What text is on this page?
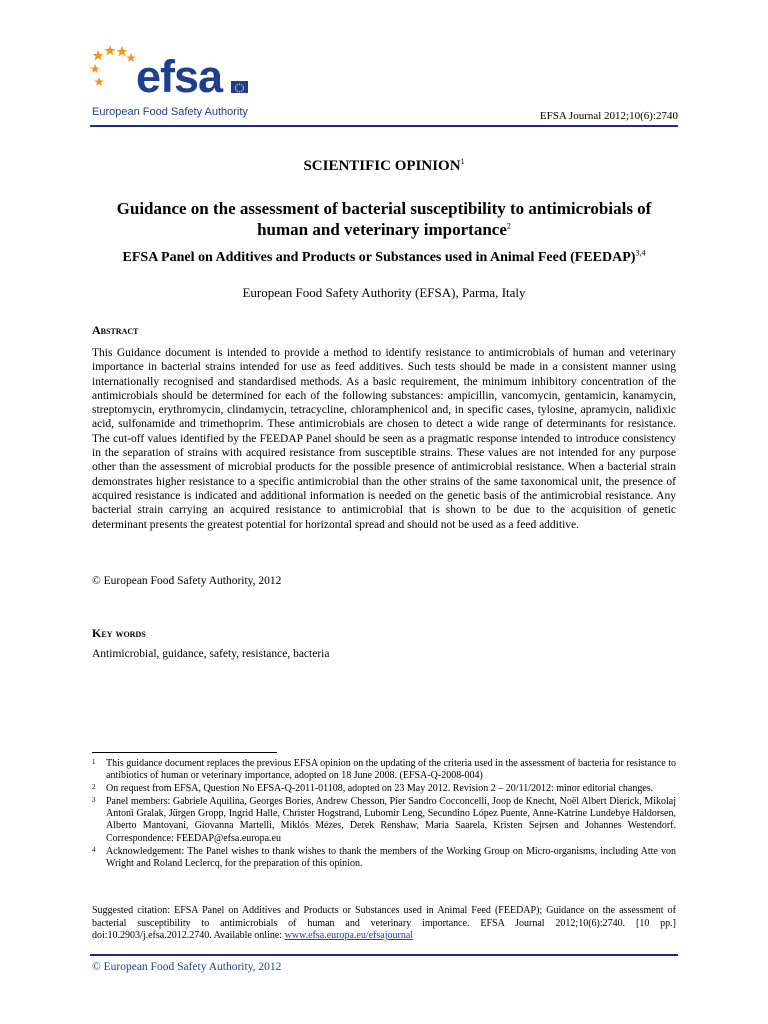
efsa
European Food Safety Authority	EFSA Journal 2012;10(6):2740
SCIENTIFIC OPINION$^1$
Guidance on the assessment of bacterial susceptibility to antimicrobials of human and veterinary importance$^2$
EFSA Panel on Additives and Products or Substances used in Animal Feed (FEEDAP)$^{3,4}$
European Food Safety Authority (EFSA), Parma, Italy
Abstract
This Guidance document is intended to provide a method to identify resistance to antimicrobials of human and veterinary importance in bacterial strains intended for use as feed additives. Such tests should be made in a consistent manner using internationally recognised and standardised methods. As a basic requirement, the minimum inhibitory concentration of the antimicrobials should be determined for each of the following substances: ampicillin, vancomycin, gentamicin, kanamycin, streptomycin, erythromycin, clindamycin, tetracycline, chloramphenicol and, in specific cases, tylosine, apramycin, nalidixic acid, sulfonamide and trimethoprim. These antimicrobials are chosen to detect a wide range of determinants for resistance. The cut-off values identified by the FEEDAP Panel should be seen as a pragmatic response intended to introduce consistency in the separation of strains with acquired resistance from susceptible strains. These values are not intended for any purpose other than the assessment of microbial products for the possible presence of antimicrobial resistance. When a bacterial strain demonstrates higher resistance to a specific antimicrobial than the other strains of the same taxonomical unit, the presence of acquired resistance is indicated and additional information is needed on the genetic basis of the antimicrobial resistance. Any bacterial strain carrying an acquired resistance to antimicrobial that is shown to be due to the acquisition of genetic determinant presents the greatest potential for horizontal spread and should not be used as a feed additive.
© European Food Safety Authority, 2012
Key words
Antimicrobial, guidance, safety, resistance, bacteria
1 This guidance document replaces the previous EFSA opinion on the updating of the criteria used in the assessment of bacteria for resistance to antibiotics of human or veterinary importance, adopted on 18 June 2008. (EFSA-Q-2008-004)
2 On request from EFSA, Question No EFSA-Q-2011-01108, adopted on 23 May 2012. Revision 2 – 20/11/2012: minor editorial changes.
3 Panel members: Gabriele Aquilina, Georges Bories, Andrew Chesson, Pier Sandro Cocconcelli, Joop de Knecht, Noël Albert Dierick, Mikolaj Antoni Gralak, Jürgen Gropp, Ingrid Halle, Christer Hogstrand, Lubomir Leng, Secundino López Puente, Anne-Katrine Lundebye Haldorsen, Alberto Mantovani, Giovanna Martelli, Miklós Mézes, Derek Renshaw, Maria Saarela, Kristen Sejrsen and Johannes Westendorf. Correspondence: FEEDAP@efsa.europa.eu
4 Acknowledgement: The Panel wishes to thank wishes to thank the members of the Working Group on Micro-organisms, including Atte von Wright and Roland Leclercq, for the preparation of this opinion.
Suggested citation: EFSA Panel on Additives and Products or Substances used in Animal Feed (FEEDAP); Guidance on the assessment of bacterial susceptibility to antimicrobials of human and veterinary importance. EFSA Journal 2012;10(6):2740. [10 pp.] doi:10.2903/j.efsa.2012.2740. Available online: www.efsa.europa.eu/efsajournal
© European Food Safety Authority, 2012
